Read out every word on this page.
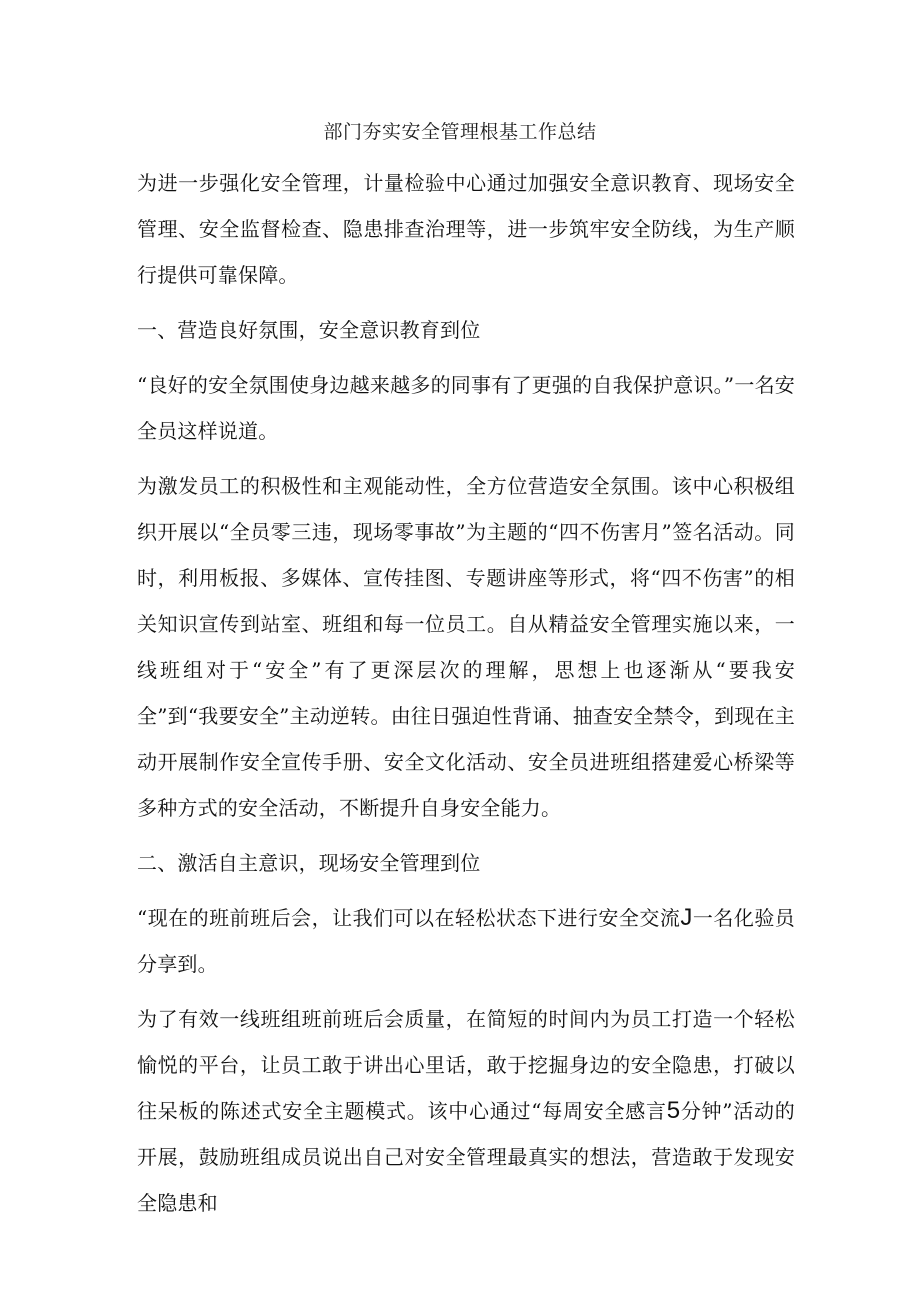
部门夯实安全管理根基工作总结

为进一步强化安全管理，计量检验中心通过加强安全意识教育、现场安全管理、安全监督检查、隐患排查治理等，进一步筑牢安全防线，为生产顺行提供可靠保障。

一、营造良好氛围，安全意识教育到位

“良好的安全氛围使身边越来越多的同事有了更强的自我保护意识。”一名安全员这样说道。

为激发员工的积极性和主观能动性，全方位营造安全氛围。该中心积极组织开展以“全员零三违，现场零事故”为主题的“四不伤害月”签名活动。同时，利用板报、多媒体、宣传挂图、专题讲座等形式，将“四不伤害”的相关知识宣传到站室、班组和每一位员工。自从精益安全管理实施以来，一线班组对于“安全”有了更深层次的理解，思想上也逐渐从“要我安全”到“我要安全”主动逆转。由往日强迫性背诵、抽查安全禁令，到现在主动开展制作安全宣传手册、安全文化活动、安全员进班组搭建爱心桥梁等多种方式的安全活动，不断提升自身安全能力。

二、激活自主意识，现场安全管理到位

“现在的班前班后会，让我们可以在轻松状态下进行安全交流J一名化验员分享到。

为了有效一线班组班前班后会质量，在简短的时间内为员工打造一个轻松愉悦的平台，让员工敢于讲出心里话，敢于挖掘身边的安全隐患，打破以往呆板的陈述式安全主题模式。该中心通过“每周安全感言5分钟”活动的开展，鼓励班组成员说出自己对安全管理最真实的想法，营造敢于发现安全隐患和
